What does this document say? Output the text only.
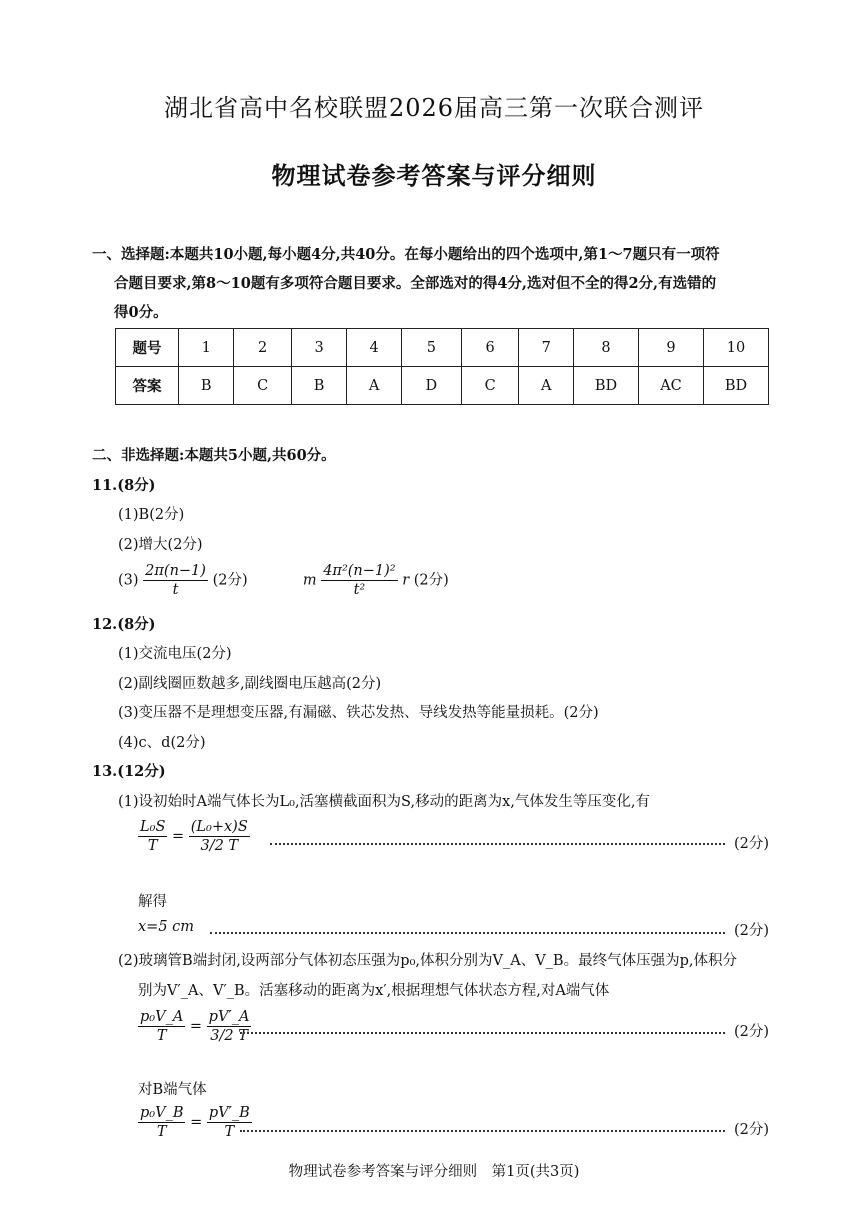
湖北省高中名校联盟2026届高三第一次联合测评
物理试卷参考答案与评分细则
一、选择题:本题共10小题,每小题4分,共40分。在每小题给出的四个选项中,第1～7题只有一项符
合题目要求,第8～10题有多项符合题目要求。全部选对的得4分,选对但不全的得2分,有选错的
得0分。
题号	1	2	3	4	5	6	7	8	9	10
答案	B	C	B	A	D	C	A	BD	AC	BD
二、非选择题:本题共5小题,共60分。
11.(8分)
(1)B(2分)
(2)增大(2分)
$(3) \frac{2\pi(n-1)}{t} (2$分)	m $\frac{\text{4π²(n−1)²}}{\text{t²}}$ r (2分)
12.(8分)
(1)交流电压(2分)
(2)副线圈匝数越多,副线圈电压越高(2分)
(3)变压器不是理想变压器,有漏磁、铁芯发热、导线发热等能量损耗。(2分)
(4)c、d(2分)
13.(12分)
(1)设初始时A端气体长为L₀,活塞横截面积为S,移动的距离为x,气体发生等压变化,有
$\frac{\text{L₀S}}{T} = \frac{\text{(L₀+x)S}}{3/2 T}$	(2分)
解得
x=5 cm	(2分)
(2)玻璃管B端封闭,设两部分气体初态压强为p₀,体积分别为V_A、V_B。最终气体压强为p,体积分
别为V′_A、V′_B。活塞移动的距离为x′,根据理想气体状态方程,对A端气体
$\frac{\text{p₀V\_A}}{T} = \frac{pV'\_A}{3/2 T}$	(2分)
对B端气体
$\frac{\text{p₀V\_B}}{T} = \frac{pV'\_B}{T}$	(2分)
物理试卷参考答案与评分细则　第1页(共3页)
